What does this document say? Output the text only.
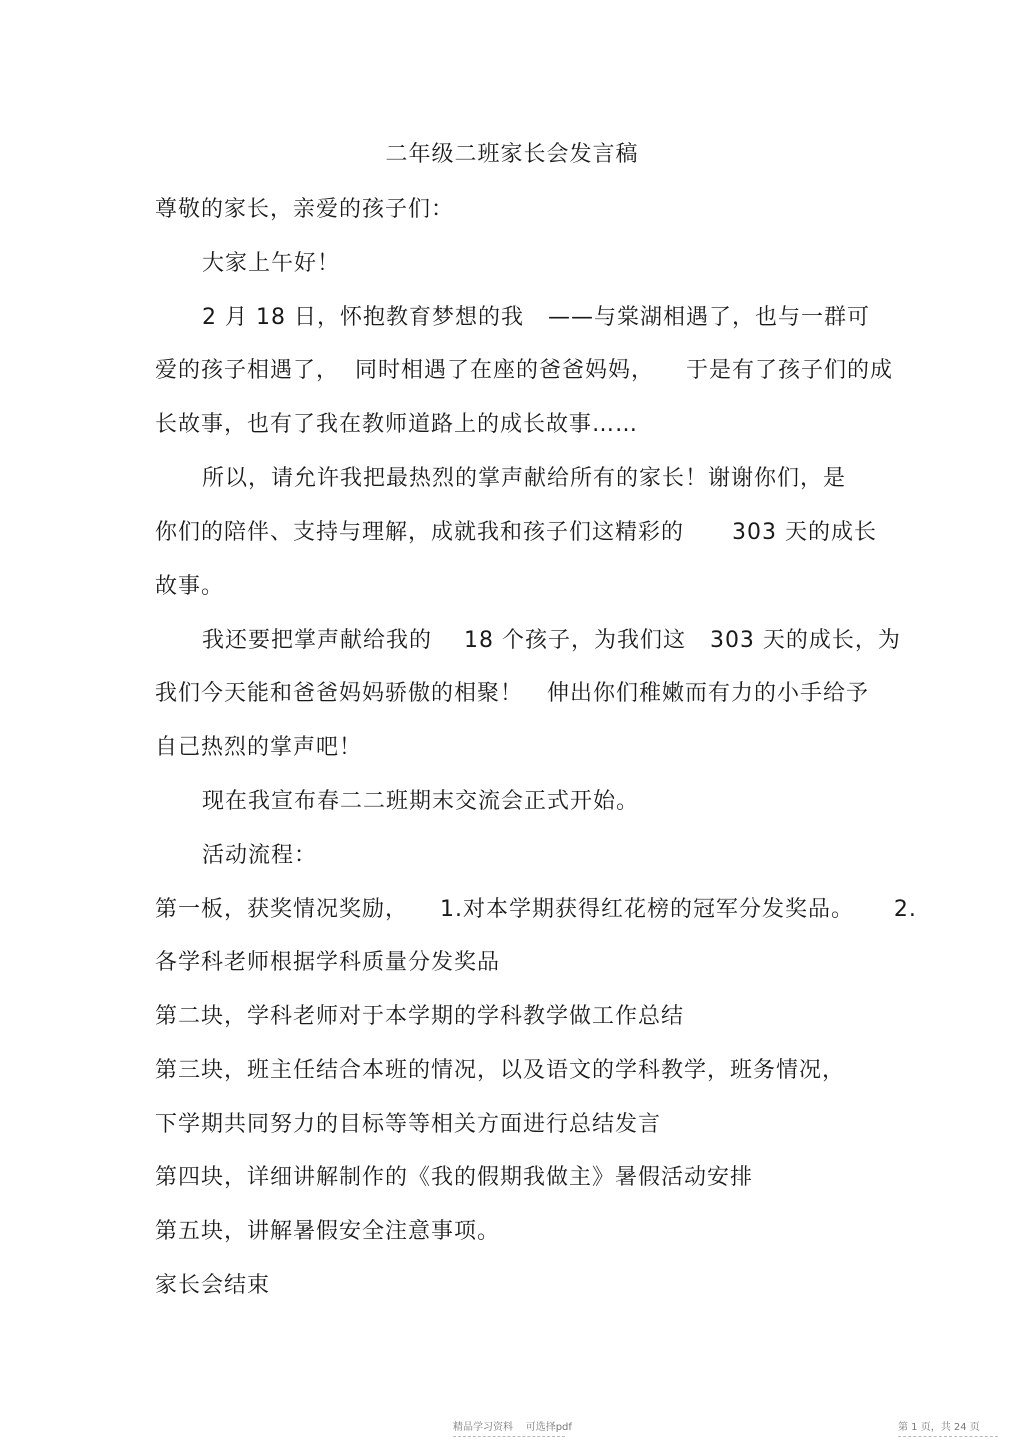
二年级二班家长会发言稿
尊敬的家长，亲爱的孩子们：
大家上午好！
2 月 18 日，怀抱教育梦想的我   ——与棠湖相遇了，也与一群可
爱的孩子相遇了，  同时相遇了在座的爸爸妈妈，    于是有了孩子们的成
长故事，也有了我在教师道路上的成长故事……
所以，请允许我把最热烈的掌声献给所有的家长！谢谢你们，是
你们的陪伴、支持与理解，成就我和孩子们这精彩的      303 天的成长
故事。
我还要把掌声献给我的    18 个孩子，为我们这   303 天的成长，为
我们今天能和爸爸妈妈骄傲的相聚！   伸出你们稚嫩而有力的小手给予
自己热烈的掌声吧！
现在我宣布春二二班期末交流会正式开始。
活动流程：
第一板，获奖情况奖励，    1.对本学期获得红花榜的冠军分发奖品。     2.
各学科老师根据学科质量分发奖品
第二块，学科老师对于本学期的学科教学做工作总结
第三块，班主任结合本班的情况，以及语文的学科教学，班务情况，
下学期共同努力的目标等等相关方面进行总结发言
第四块，详细讲解制作的《我的假期我做主》暑假活动安排
第五块，讲解暑假安全注意事项。
家长会结束
精品学习资料    可选择pdf	第 1 页，共 24 页
